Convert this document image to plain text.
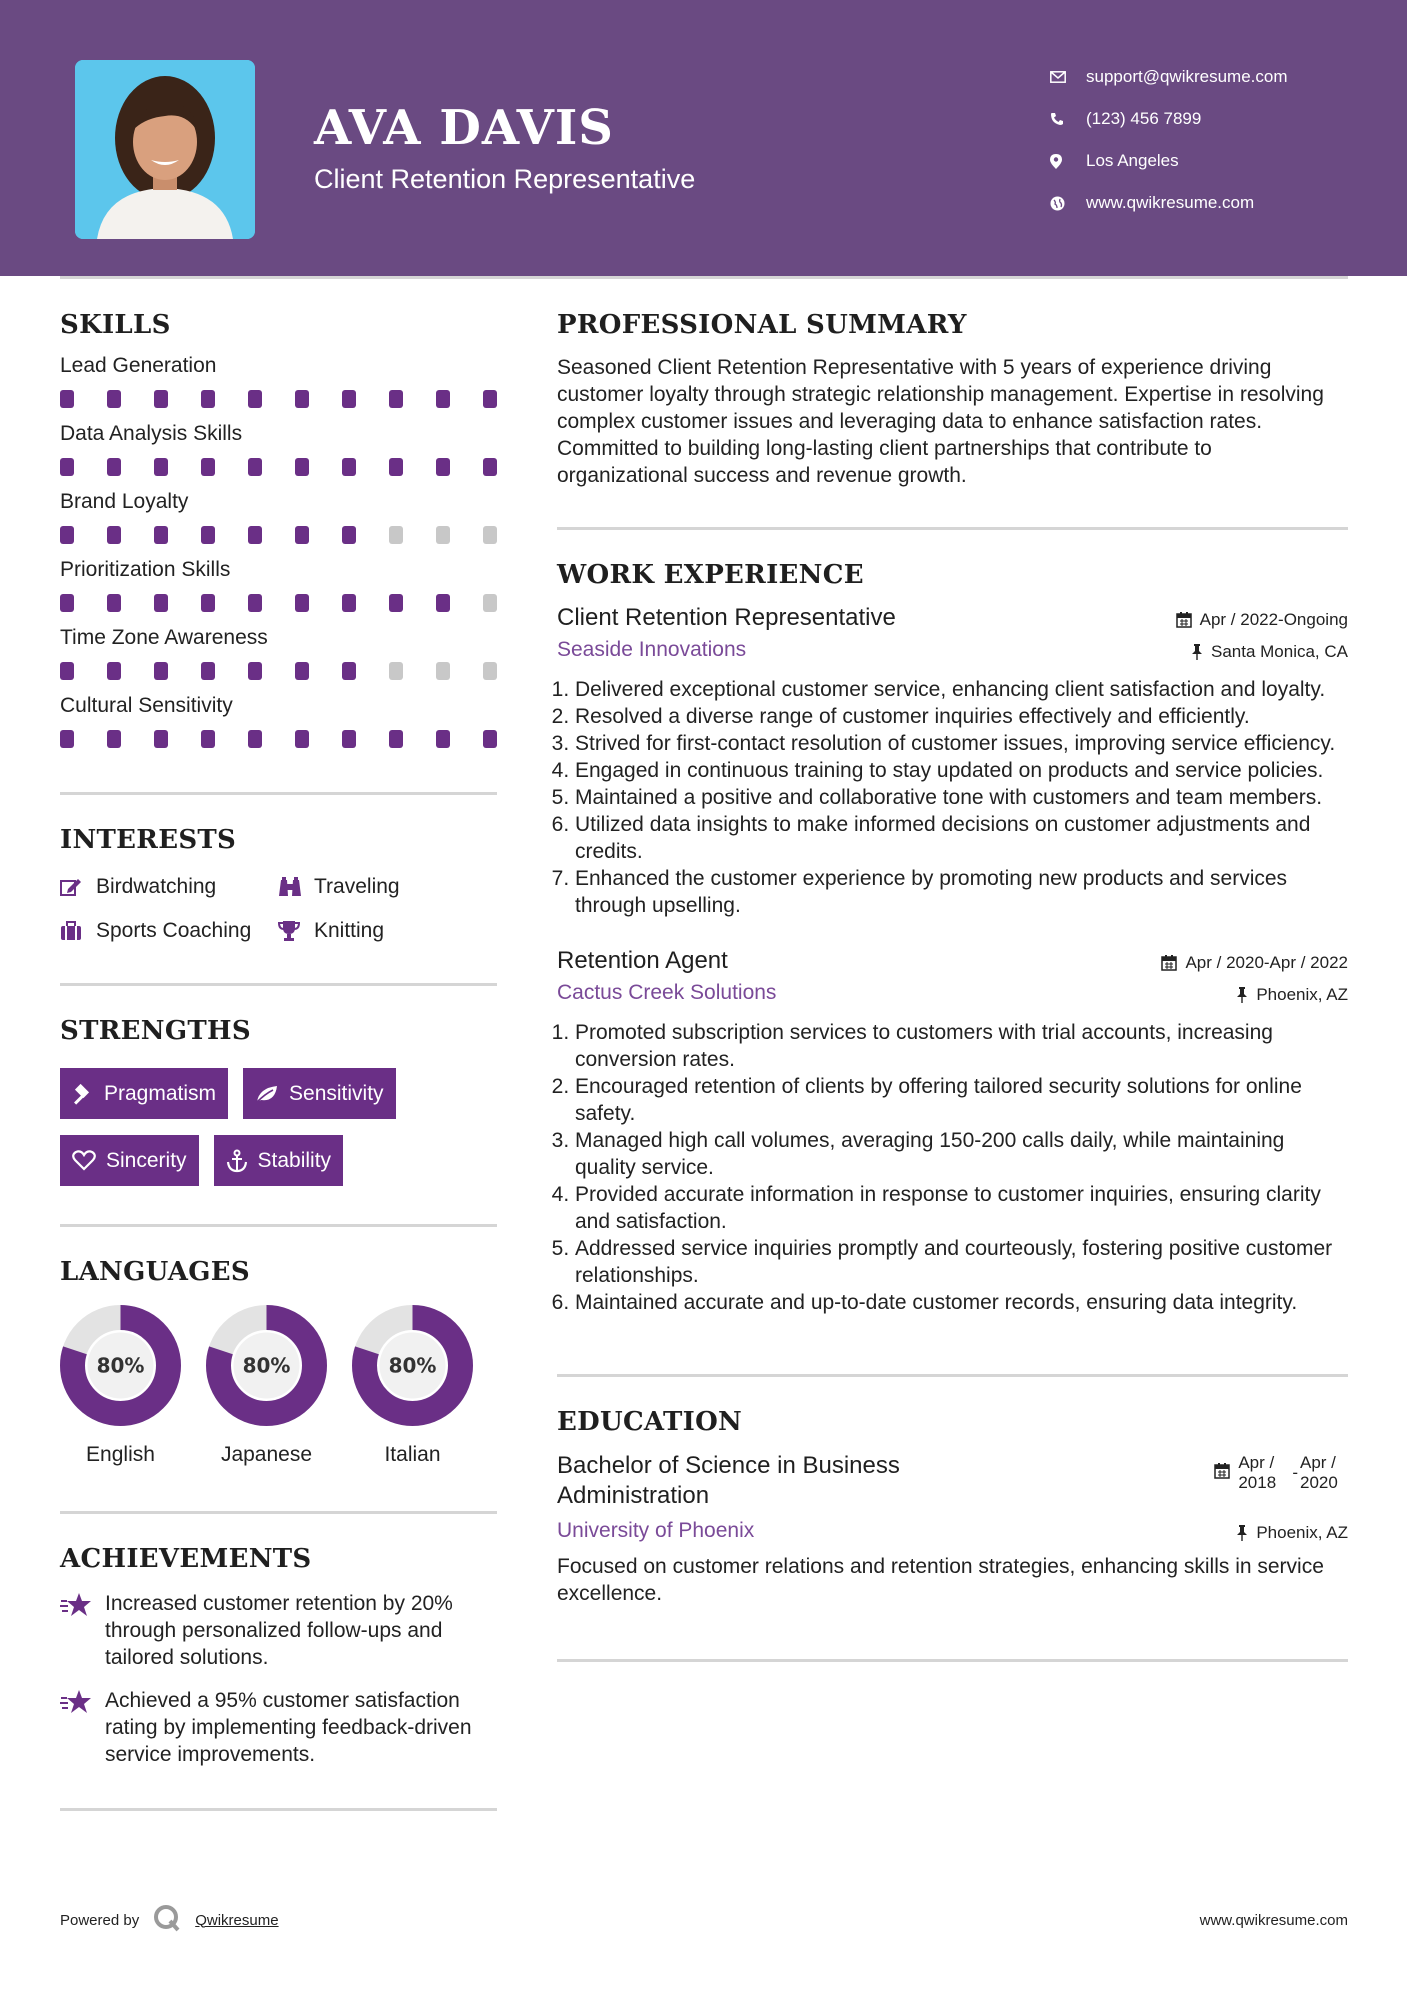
AVA DAVIS
Client Retention Representative
support@qwikresume.com
(123) 456 7899
Los Angeles
www.qwikresume.com
SKILLS
Lead Generation
Data Analysis Skills
Brand Loyalty
Prioritization Skills
Time Zone Awareness
Cultural Sensitivity
INTERESTS
Birdwatching	Traveling
Sports Coaching	Knitting
STRENGTHS
Pragmatism	Sensitivity
Sincerity	Stability
LANGUAGES
80%
English
80%
Japanese
80%
Italian
ACHIEVEMENTS
Increased customer retention by 20% through personalized follow-ups and tailored solutions.
Achieved a 95% customer satisfaction rating by implementing feedback-driven service improvements.
PROFESSIONAL SUMMARY

Seasoned Client Retention Representative with 5 years of experience driving customer loyalty through strategic relationship management. Expertise in resolving complex customer issues and leveraging data to enhance satisfaction rates. Committed to building long-lasting client partnerships that contribute to organizational success and revenue growth.

WORK EXPERIENCE
Client Retention Representative	Apr / 2022-Ongoing
Seaside Innovations	Santa Monica, CA
1. Delivered exceptional customer service, enhancing client satisfaction and loyalty.
2. Resolved a diverse range of customer inquiries effectively and efficiently.
3. Strived for first-contact resolution of customer issues, improving service efficiency.
4. Engaged in continuous training to stay updated on products and service policies.
5. Maintained a positive and collaborative tone with customers and team members.
6. Utilized data insights to make informed decisions on customer adjustments and credits.
7. Enhanced the customer experience by promoting new products and services through upselling.
Retention Agent	Apr / 2020-Apr / 2022
Cactus Creek Solutions	Phoenix, AZ
1. Promoted subscription services to customers with trial accounts, increasing conversion rates.
2. Encouraged retention of clients by offering tailored security solutions for online safety.
3. Managed high call volumes, averaging 150-200 calls daily, while maintaining quality service.
4. Provided accurate information in response to customer inquiries, ensuring clarity and satisfaction.
5. Addressed service inquiries promptly and courteously, fostering positive customer relationships.
6. Maintained accurate and up-to-date customer records, ensuring data integrity.
EDUCATION
Bachelor of Science in Business Administration
Apr / 2018
-
Apr / 2020
University of Phoenix	Phoenix, AZ

Focused on customer relations and retention strategies, enhancing skills in service excellence.

Powered by	Qwikresume	www.qwikresume.com
